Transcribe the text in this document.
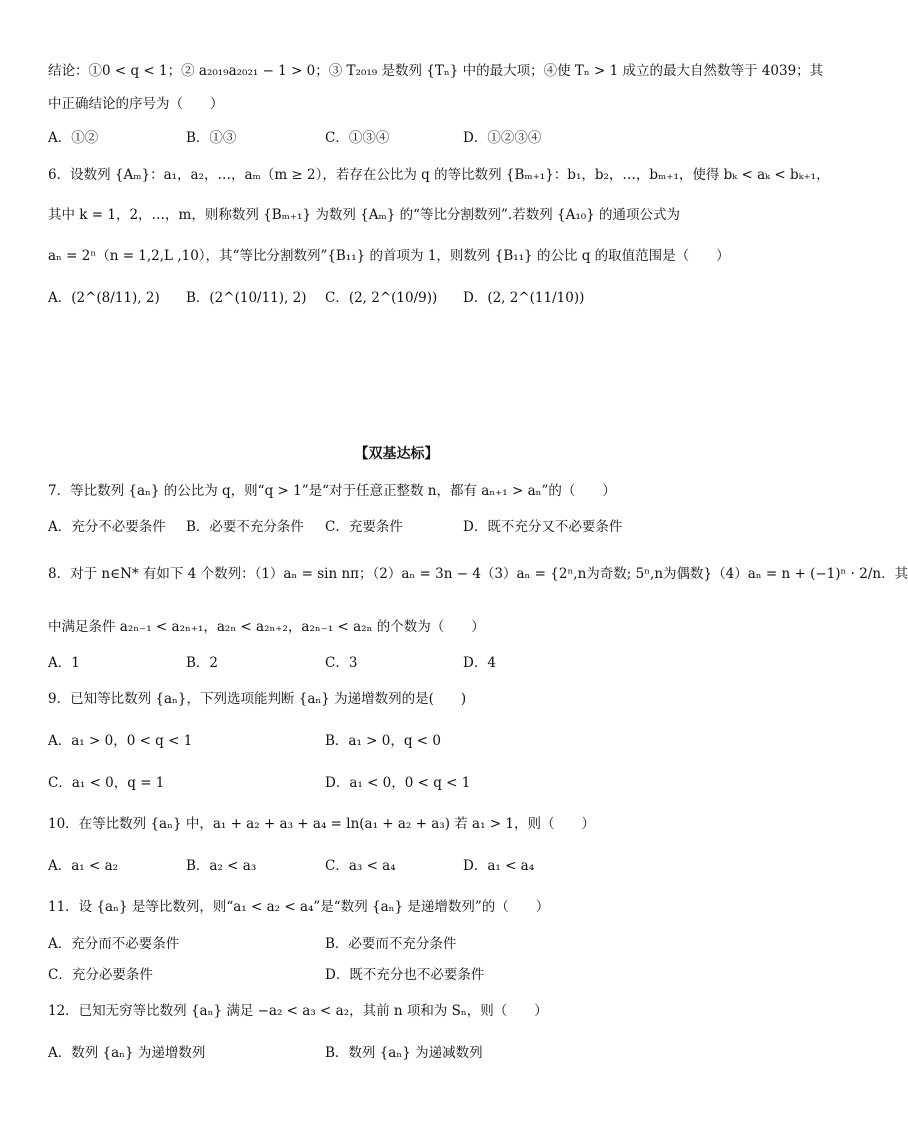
结论：①0 < q < 1；② a₂₀₁₉a₂₀₂₁ − 1 > 0；③ T₂₀₁₉ 是数列 {Tₙ} 中的最大项；④使 Tₙ > 1 成立的最大自然数等于 4039；其
中正确结论的序号为（　　）
A．①②	B．①③	C．①③④	D．①②③④
6．设数列 {Aₘ}：a₁，a₂，…，aₘ（m ≥ 2），若存在公比为 q 的等比数列 {Bₘ₊₁}：b₁，b₂，…，bₘ₊₁，使得 bₖ < aₖ < bₖ₊₁，
其中 k = 1，2，…，m，则称数列 {Bₘ₊₁} 为数列 {Aₘ} 的“等比分割数列”.若数列 {A₁₀} 的通项公式为
aₙ = 2ⁿ（n = 1,2,L ,10），其“等比分割数列”{B₁₁} 的首项为 1，则数列 {B₁₁} 的公比 q 的取值范围是（　　）
A．(2^(8/11), 2) B．(2^(10/11), 2) C．(2, 2^(10/9)) D．(2, 2^(11/10))
【双基达标】
7．等比数列 {aₙ} 的公比为 q，则“q > 1”是“对于任意正整数 n，都有 aₙ₊₁ > aₙ”的（　　）
A．充分不必要条件 B．必要不充分条件 C．充要条件	D．既不充分又不必要条件
8．对于 n∈N* 有如下 4 个数列：（1）aₙ = sin nπ；（2）aₙ = 3n − 4（3）aₙ = {2ⁿ,n为奇数; 5ⁿ,n为偶数}（4）aₙ = n + (−1)ⁿ · 2/n．其
中满足条件 a₂ₙ₋₁ < a₂ₙ₊₁，a₂ₙ < a₂ₙ₊₂，a₂ₙ₋₁ < a₂ₙ 的个数为（　　）
A．1	B．2	C．3	D．4
9．已知等比数列 {aₙ}，下列选项能判断 {aₙ} 为递增数列的是(　　)
A．a₁ > 0，0 < q < 1	B．a₁ > 0，q < 0
C．a₁ < 0，q = 1	D．a₁ < 0，0 < q < 1
10．在等比数列 {aₙ} 中，a₁ + a₂ + a₃ + a₄ = ln(a₁ + a₂ + a₃) 若 a₁ > 1，则（　　）
A．a₁ < a₂	B．a₂ < a₃	C．a₃ < a₄	D．a₁ < a₄
11．设 {aₙ} 是等比数列，则“a₁ < a₂ < a₄”是“数列 {aₙ} 是递增数列”的（　　）
A．充分而不必要条件	B．必要而不充分条件
C．充分必要条件	D．既不充分也不必要条件
12．已知无穷等比数列 {aₙ} 满足 −a₂ < a₃ < a₂，其前 n 项和为 Sₙ，则（　　）
A．数列 {aₙ} 为递增数列	B．数列 {aₙ} 为递减数列
